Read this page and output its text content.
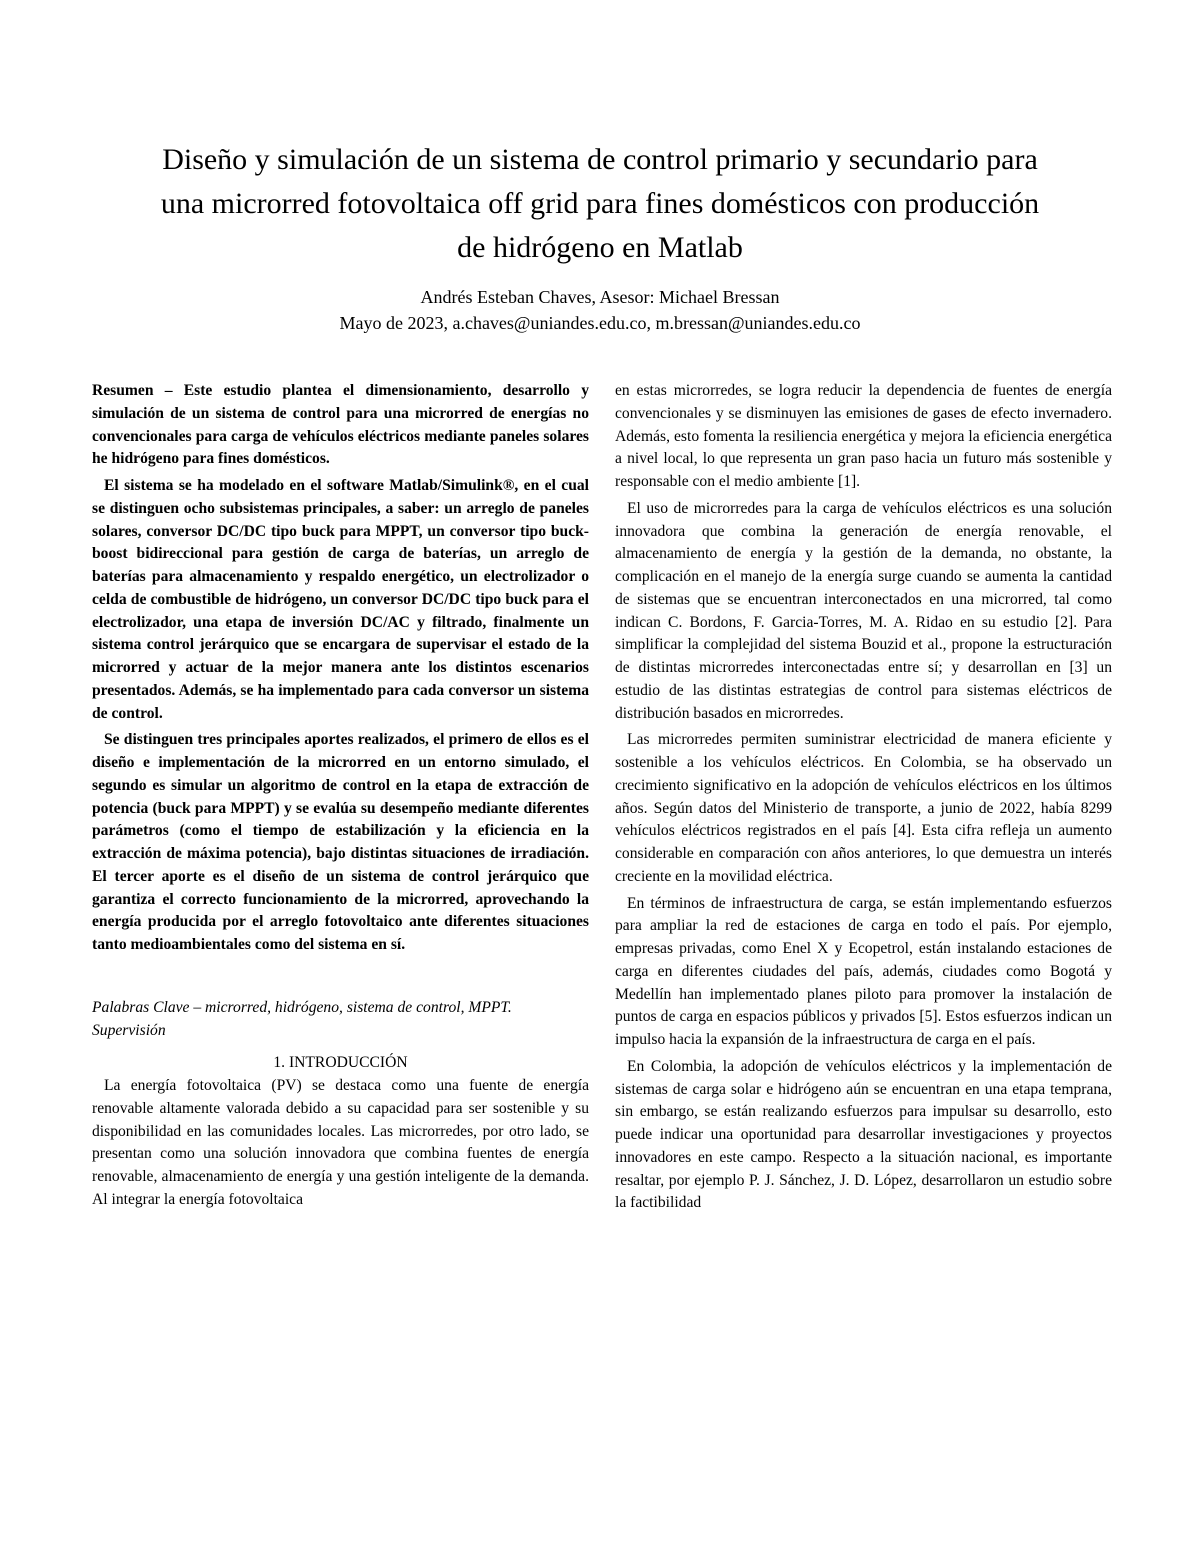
Diseño y simulación de un sistema de control primario y secundario para una microrred fotovoltaica off grid para fines domésticos con producción de hidrógeno en Matlab
Andrés Esteban Chaves, Asesor: Michael Bressan
Mayo de 2023, a.chaves@uniandes.edu.co, m.bressan@uniandes.edu.co

Resumen – Este estudio plantea el dimensionamiento, desarrollo y simulación de un sistema de control para una microrred de energías no convencionales para carga de vehículos eléctricos mediante paneles solares he hidrógeno para fines domésticos.

El sistema se ha modelado en el software Matlab/Simulink®, en el cual se distinguen ocho subsistemas principales, a saber: un arreglo de paneles solares, conversor DC/DC tipo buck para MPPT, un conversor tipo buck-boost bidireccional para gestión de carga de baterías, un arreglo de baterías para almacenamiento y respaldo energético, un electrolizador o celda de combustible de hidrógeno, un conversor DC/DC tipo buck para el electrolizador, una etapa de inversión DC/AC y filtrado, finalmente un sistema control jerárquico que se encargara de supervisar el estado de la microrred y actuar de la mejor manera ante los distintos escenarios presentados. Además, se ha implementado para cada conversor un sistema de control.

Se distinguen tres principales aportes realizados, el primero de ellos es el diseño e implementación de la microrred en un entorno simulado, el segundo es simular un algoritmo de control en la etapa de extracción de potencia (buck para MPPT) y se evalúa su desempeño mediante diferentes parámetros (como el tiempo de estabilización y la eficiencia en la extracción de máxima potencia), bajo distintas situaciones de irradiación. El tercer aporte es el diseño de un sistema de control jerárquico que garantiza el correcto funcionamiento de la microrred, aprovechando la energía producida por el arreglo fotovoltaico ante diferentes situaciones tanto medioambientales como del sistema en sí.

Palabras Clave – microrred, hidrógeno, sistema de control, MPPT. Supervisión

1. INTRODUCCIÓN

La energía fotovoltaica (PV) se destaca como una fuente de energía renovable altamente valorada debido a su capacidad para ser sostenible y su disponibilidad en las comunidades locales. Las microrredes, por otro lado, se presentan como una solución innovadora que combina fuentes de energía renovable, almacenamiento de energía y una gestión inteligente de la demanda. Al integrar la energía fotovoltaica

en estas microrredes, se logra reducir la dependencia de fuentes de energía convencionales y se disminuyen las emisiones de gases de efecto invernadero. Además, esto fomenta la resiliencia energética y mejora la eficiencia energética a nivel local, lo que representa un gran paso hacia un futuro más sostenible y responsable con el medio ambiente [1].

El uso de microrredes para la carga de vehículos eléctricos es una solución innovadora que combina la generación de energía renovable, el almacenamiento de energía y la gestión de la demanda, no obstante, la complicación en el manejo de la energía surge cuando se aumenta la cantidad de sistemas que se encuentran interconectados en una microrred, tal como indican C. Bordons, F. Garcia-Torres, M. A. Ridao en su estudio [2]. Para simplificar la complejidad del sistema Bouzid et al., propone la estructuración de distintas microrredes interconectadas entre sí; y desarrollan en [3] un estudio de las distintas estrategias de control para sistemas eléctricos de distribución basados en microrredes.

Las microrredes permiten suministrar electricidad de manera eficiente y sostenible a los vehículos eléctricos. En Colombia, se ha observado un crecimiento significativo en la adopción de vehículos eléctricos en los últimos años. Según datos del Ministerio de transporte, a junio de 2022, había 8299 vehículos eléctricos registrados en el país [4]. Esta cifra refleja un aumento considerable en comparación con años anteriores, lo que demuestra un interés creciente en la movilidad eléctrica.

En términos de infraestructura de carga, se están implementando esfuerzos para ampliar la red de estaciones de carga en todo el país. Por ejemplo, empresas privadas, como Enel X y Ecopetrol, están instalando estaciones de carga en diferentes ciudades del país, además, ciudades como Bogotá y Medellín han implementado planes piloto para promover la instalación de puntos de carga en espacios públicos y privados [5]. Estos esfuerzos indican un impulso hacia la expansión de la infraestructura de carga en el país.

En Colombia, la adopción de vehículos eléctricos y la implementación de sistemas de carga solar e hidrógeno aún se encuentran en una etapa temprana, sin embargo, se están realizando esfuerzos para impulsar su desarrollo, esto puede indicar una oportunidad para desarrollar investigaciones y proyectos innovadores en este campo. Respecto a la situación nacional, es importante resaltar, por ejemplo P. J. Sánchez, J. D. López, desarrollaron un estudio sobre la factibilidad
